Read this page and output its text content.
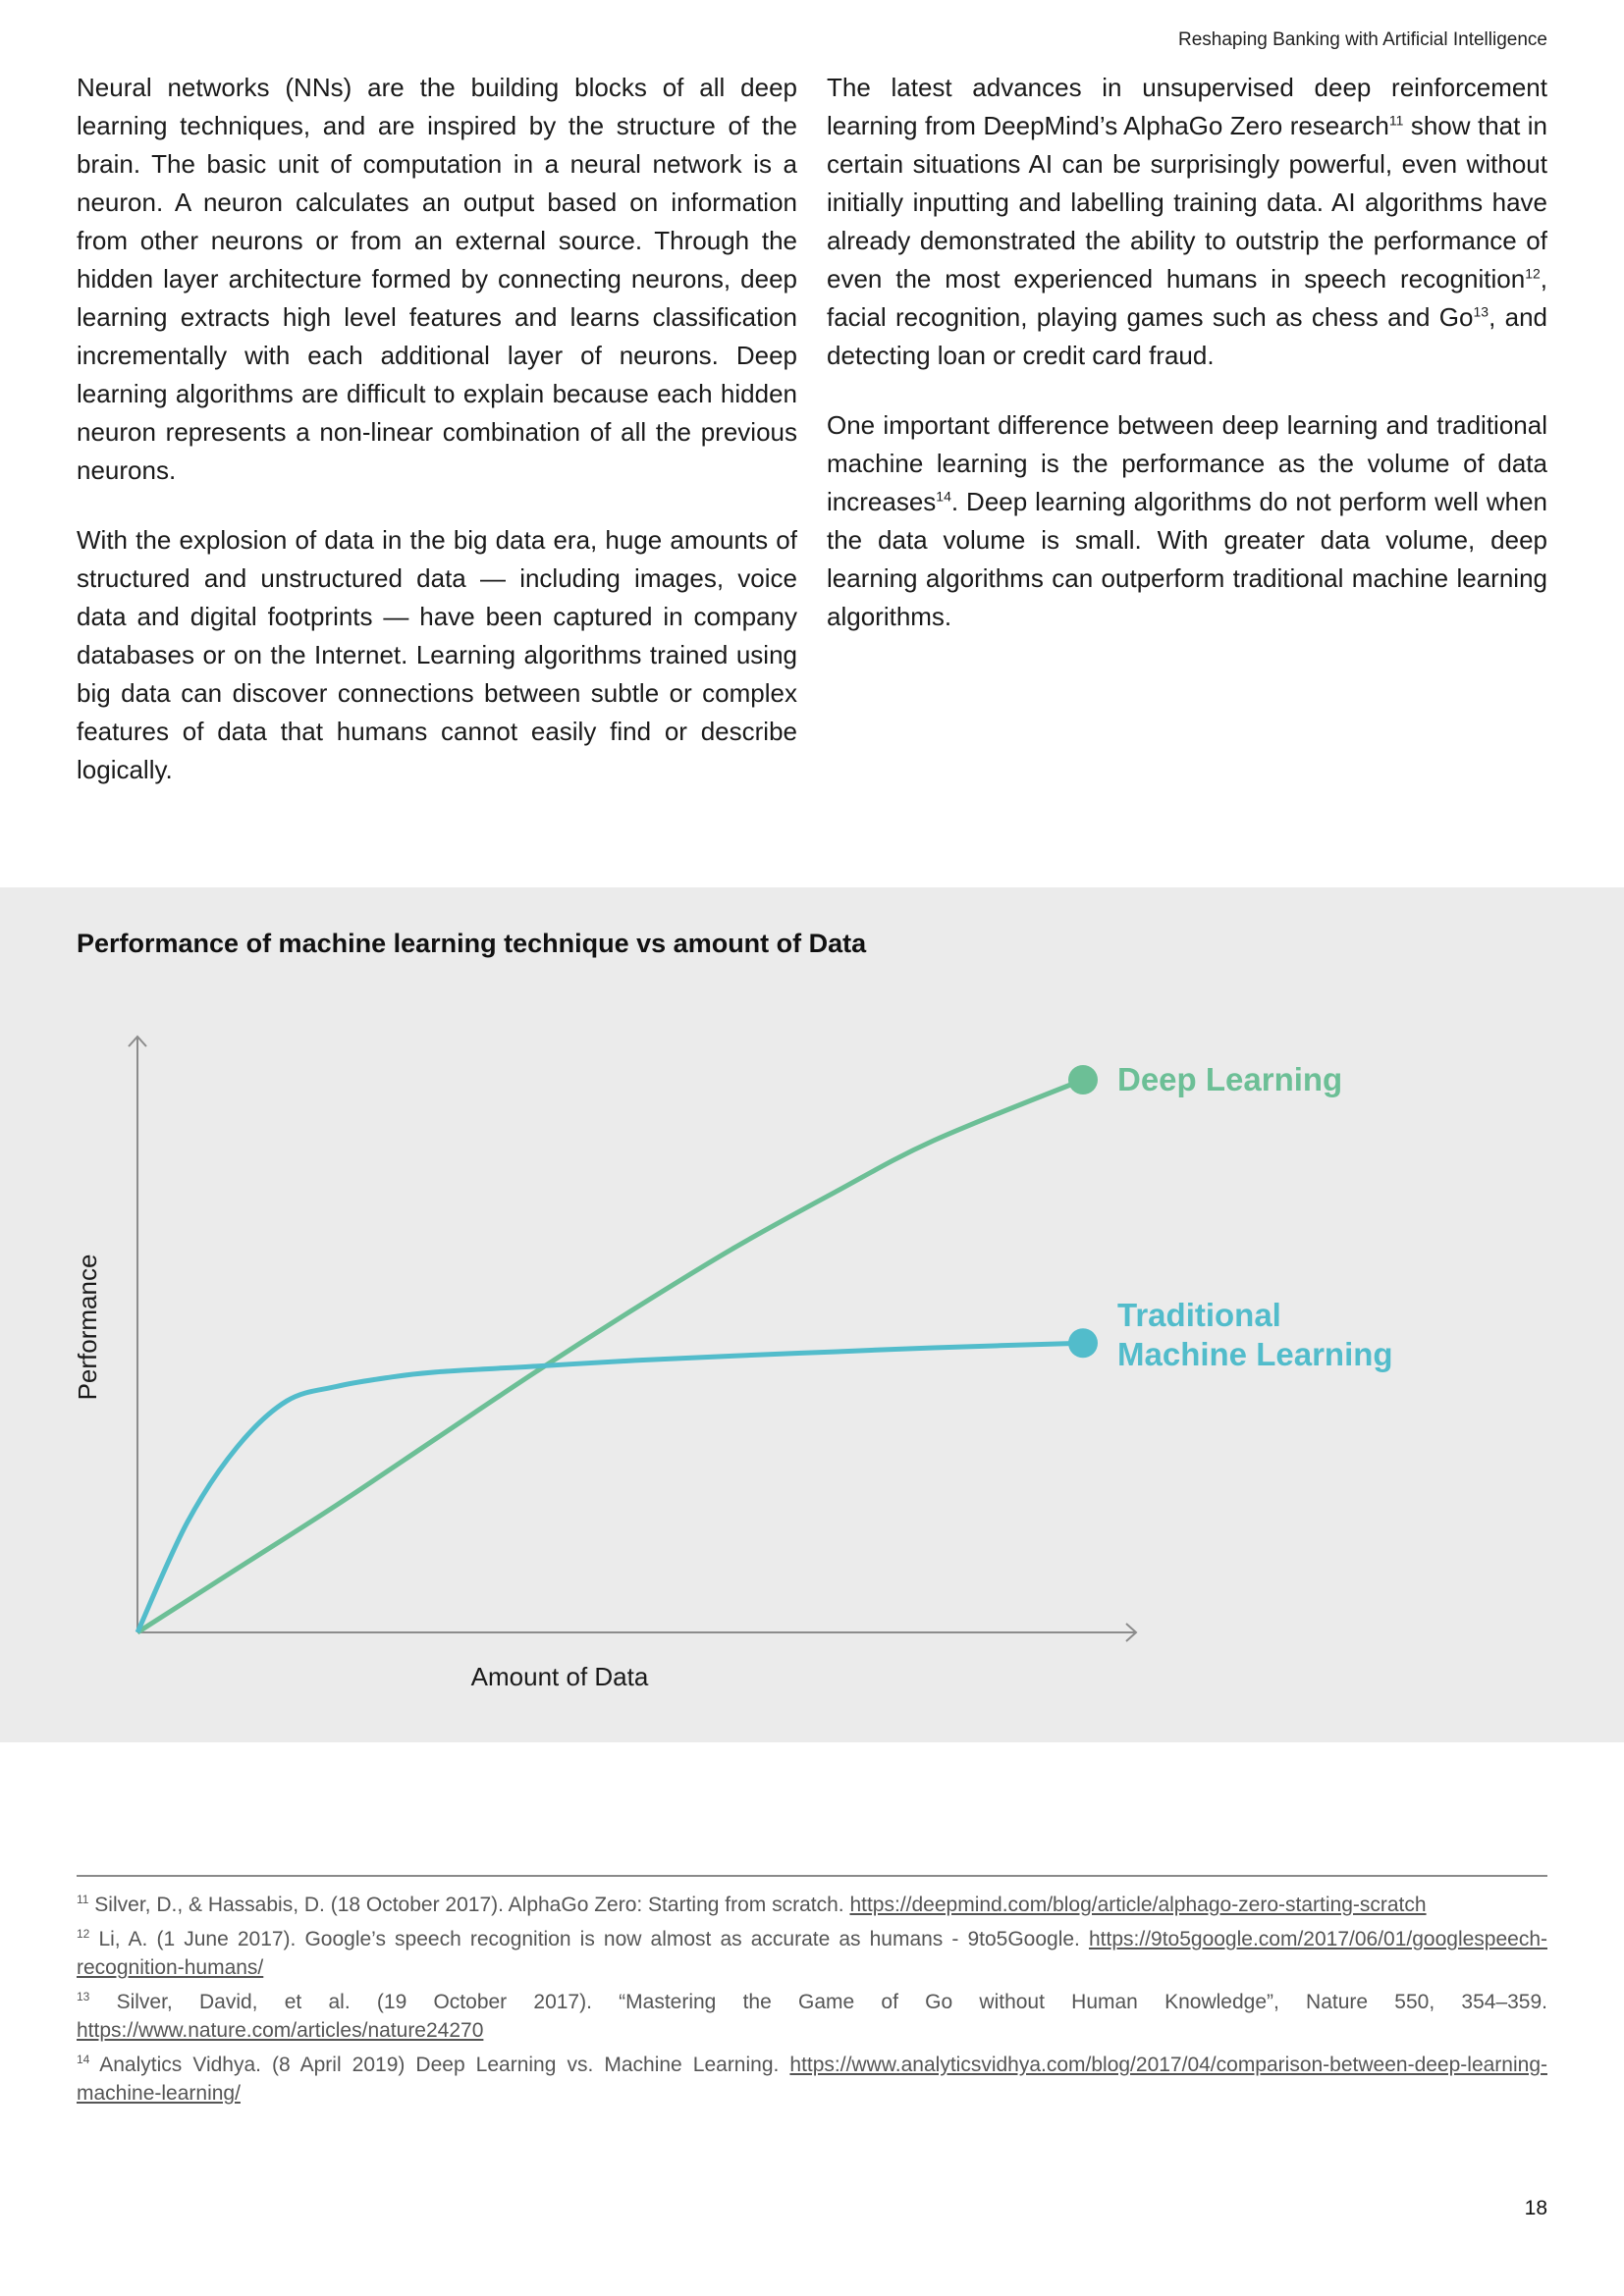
Reshaping Banking with Artificial Intelligence

Neural networks (NNs) are the building blocks of all deep learning techniques, and are inspired by the structure of the brain. The basic unit of computation in a neural network is a neuron. A neuron calculates an output based on information from other neurons or from an external source. Through the hidden layer architecture formed by connecting neurons, deep learning extracts high level features and learns classification incrementally with each additional layer of neurons. Deep learning algorithms are difficult to explain because each hidden neuron represents a non-linear combination of all the previous neurons.

With the explosion of data in the big data era, huge amounts of structured and unstructured data — including images, voice data and digital footprints — have been captured in company databases or on the Internet. Learning algorithms trained using big data can discover connections between subtle or complex features of data that humans cannot easily find or describe logically.

The latest advances in unsupervised deep reinforcement learning from DeepMind’s AlphaGo Zero research$^{11}$ show that in certain situations AI can be surprisingly powerful, even without initially inputting and labelling training data. AI algorithms have already demonstrated the ability to outstrip the performance of even the most experienced humans in speech recognition$^{12}$, facial recognition, playing games such as chess and Go$^{13}$, and detecting loan or credit card fraud.

One important difference between deep learning and traditional machine learning is the performance as the volume of data increases$^{14}$. Deep learning algorithms do not perform well when the data volume is small. With greater data volume, deep learning algorithms can outperform traditional machine learning algorithms.

Performance of machine learning technique vs amount of Data

Amount of Data
Performance
Deep Learning
Traditional Machine Learning

$^{11}$ Silver, D., & Hassabis, D. (18 October 2017). AlphaGo Zero: Starting from scratch. https://deepmind.com/blog/article/alphago-zero-starting-scratch

$^{12}$ Li, A. (1 June 2017). Google’s speech recognition is now almost as accurate as humans - 9to5Google. https://9to5google.com/2017/06/01/googlespeech-recognition-humans/

$^{13}$ Silver, David, et al. (19 October 2017). “Mastering the Game of Go without Human Knowledge”, Nature 550, 354–359. https://www.nature.com/articles/nature24270

$^{14}$ Analytics Vidhya. (8 April 2019) Deep Learning vs. Machine Learning. https://www.analyticsvidhya.com/blog/2017/04/comparison-between-deep-learning-machine-learning/

18
